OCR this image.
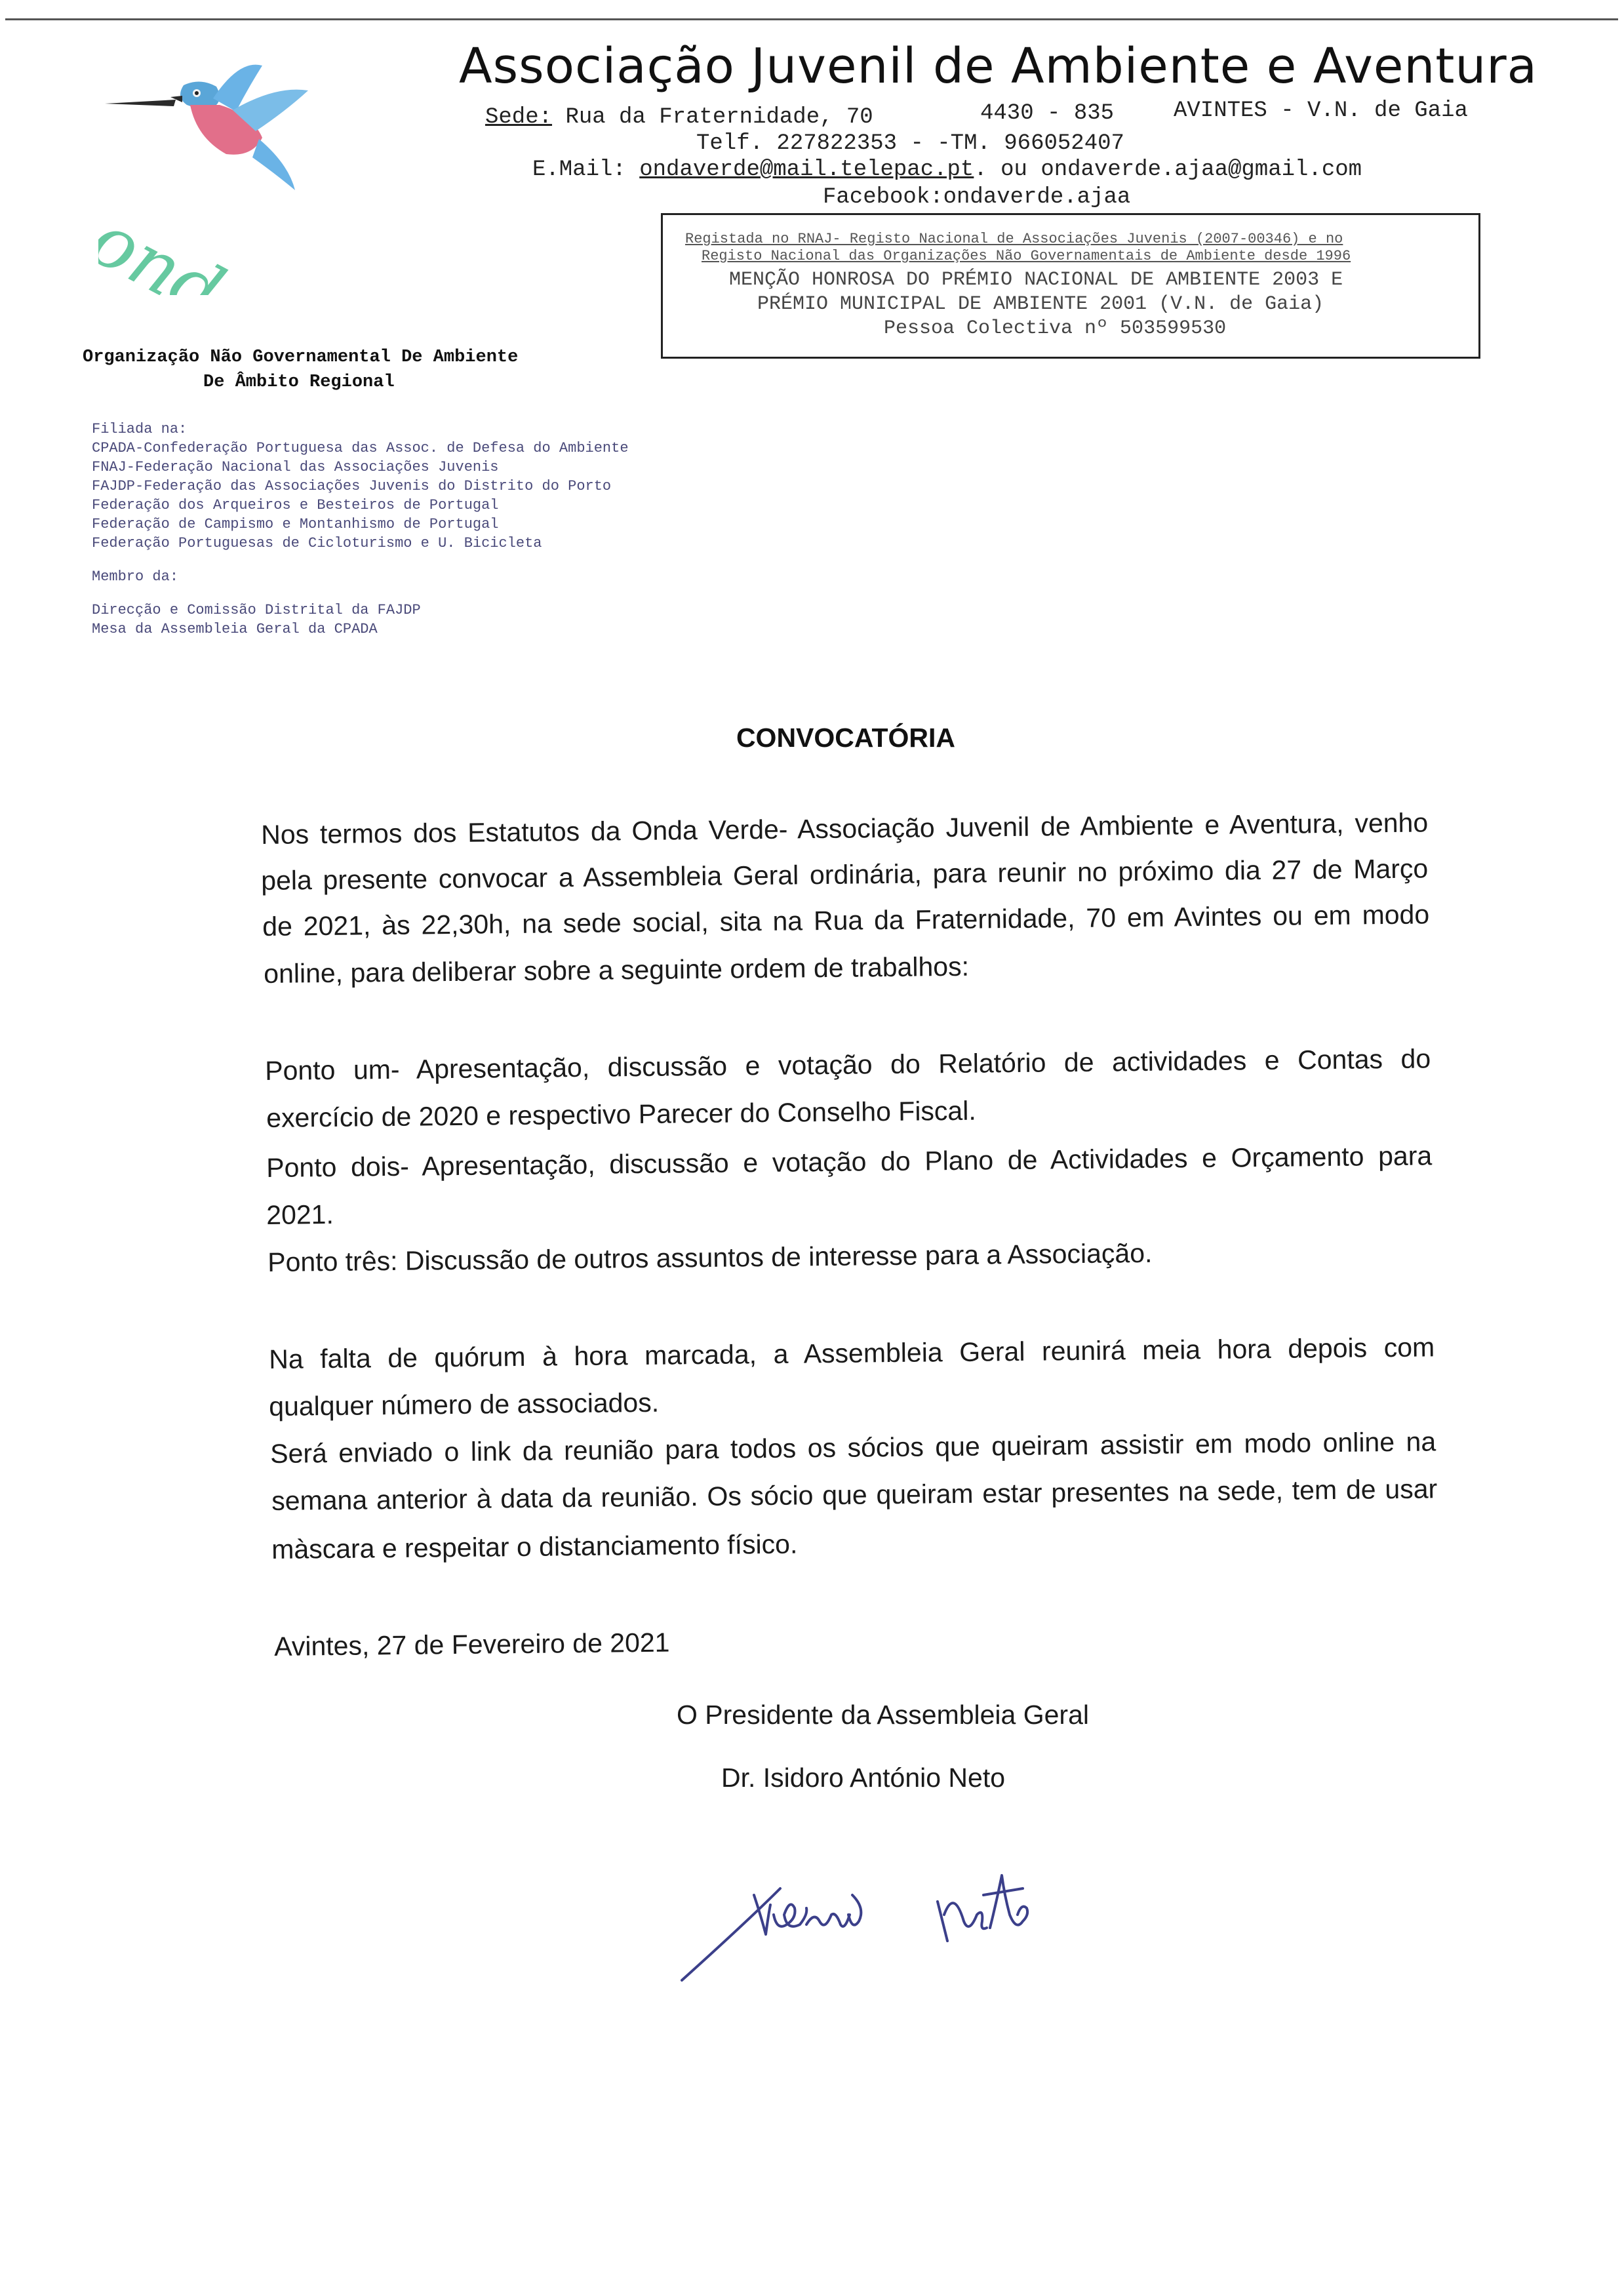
Associação Juvenil de Ambiente e Aventura
Sede: Rua da Fraternidade, 70	4430 - 835	AVINTES - V.N. de Gaia
Telf. 227822353 - -TM. 966052407
E.Mail: ondaverde@mail.telepac.pt. ou ondaverde.ajaa@gmail.com
Facebook:ondaverde.ajaa
Registada no RNAJ- Registo Nacional de Associações Juvenis (2007-00346) e no
Registo Nacional das Organizações Não Governamentais de Ambiente desde 1996
MENÇÃO HONROSA DO PRÉMIO NACIONAL DE AMBIENTE 2003 E
PRÉMIO MUNICIPAL DE AMBIENTE 2001 (V.N. de Gaia)
Pessoa Colectiva nº 503599530
Organização Não Governamental De Ambiente
De Âmbito Regional
Filiada na:
CPADA-Confederação Portuguesa das Assoc. de Defesa do Ambiente
FNAJ-Federação Nacional das Associações Juvenis
FAJDP-Federação das Associações Juvenis do Distrito do Porto
Federação dos Arqueiros e Besteiros de Portugal
Federação de Campismo e Montanhismo de Portugal
Federação Portuguesas de Cicloturismo e U. Bicicleta
Membro da:
Direcção e Comissão Distrital da FAJDP
Mesa da Assembleia Geral da CPADA
CONVOCATÓRIA
Nos termos dos Estatutos da Onda Verde- Associação Juvenil de Ambiente e Aventura, venho
pela presente convocar a Assembleia Geral ordinária, para reunir no próximo dia 27 de Março
de 2021, às 22,30h, na sede social, sita na Rua da Fraternidade, 70 em Avintes ou em modo
online, para deliberar sobre a seguinte ordem de trabalhos:
Ponto um- Apresentação, discussão e votação do Relatório de actividades e Contas do
exercício de 2020 e respectivo Parecer do Conselho Fiscal.
Ponto dois- Apresentação, discussão e votação do Plano de Actividades e Orçamento para
2021.
Ponto três: Discussão de outros assuntos de interesse para a Associação.
Na falta de quórum à hora marcada, a Assembleia Geral reunirá meia hora depois com
qualquer número de associados.
Será enviado o link da reunião para todos os sócios que queiram assistir em modo online na
semana anterior à data da reunião. Os sócio que queiram estar presentes na sede, tem de usar
màscara e respeitar o distanciamento físico.
Avintes, 27 de Fevereiro de 2021
O Presidente da Assembleia Geral
Dr. Isidoro António Neto
